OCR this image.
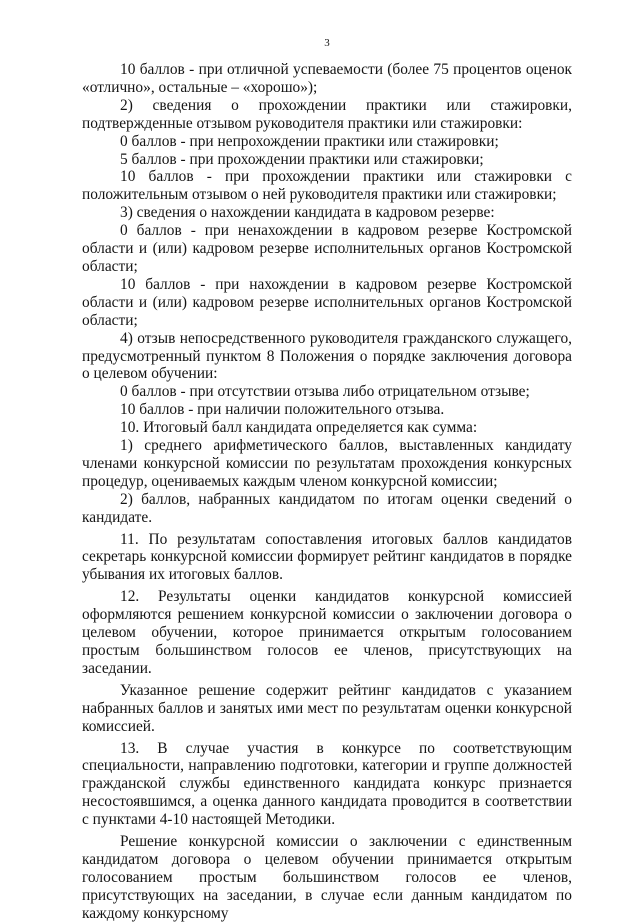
3

10 баллов - при отличной успеваемости (более 75 процентов оценок «отлично», остальные – «хорошо»);

2) сведения о прохождении практики или стажировки, подтвержденные отзывом руководителя практики или стажировки:

0 баллов - при непрохождении практики или стажировки;

5 баллов - при прохождении практики или стажировки;

10 баллов - при прохождении практики или стажировки с положительным отзывом о ней руководителя практики или стажировки;

3) сведения о нахождении кандидата в кадровом резерве:

0 баллов - при ненахождении в кадровом резерве Костромской области и (или) кадровом резерве исполнительных органов Костромской области;

10 баллов - при нахождении в кадровом резерве Костромской области и (или) кадровом резерве исполнительных органов Костромской области;

4) отзыв непосредственного руководителя гражданского служащего, предусмотренный пунктом 8 Положения о порядке заключения договора о целевом обучении:

0 баллов - при отсутствии отзыва либо отрицательном отзыве;

10 баллов - при наличии положительного отзыва.

10. Итоговый балл кандидата определяется как сумма:

1) среднего арифметического баллов, выставленных кандидату членами конкурсной комиссии по результатам прохождения конкурсных процедур, оцениваемых каждым членом конкурсной комиссии;

2) баллов, набранных кандидатом по итогам оценки сведений о кандидате.

11. По результатам сопоставления итоговых баллов кандидатов секретарь конкурсной комиссии формирует рейтинг кандидатов в порядке убывания их итоговых баллов.

12. Результаты оценки кандидатов конкурсной комиссией оформляются решением конкурсной комиссии о заключении договора о целевом обучении, которое принимается открытым голосованием простым большинством голосов ее членов, присутствующих на заседании.

Указанное решение содержит рейтинг кандидатов с указанием набранных баллов и занятых ими мест по результатам оценки конкурсной комиссией.

13. В случае участия в конкурсе по соответствующим специальности, направлению подготовки, категории и группе должностей гражданской службы единственного кандидата конкурс признается несостоявшимся, а оценка данного кандидата проводится в соответствии с пунктами 4-10 настоящей Методики.

Решение конкурсной комиссии о заключении с единственным кандидатом договора о целевом обучении принимается открытым голосованием простым большинством голосов ее членов, присутствующих на заседании, в случае если данным кандидатом по каждому конкурсному
